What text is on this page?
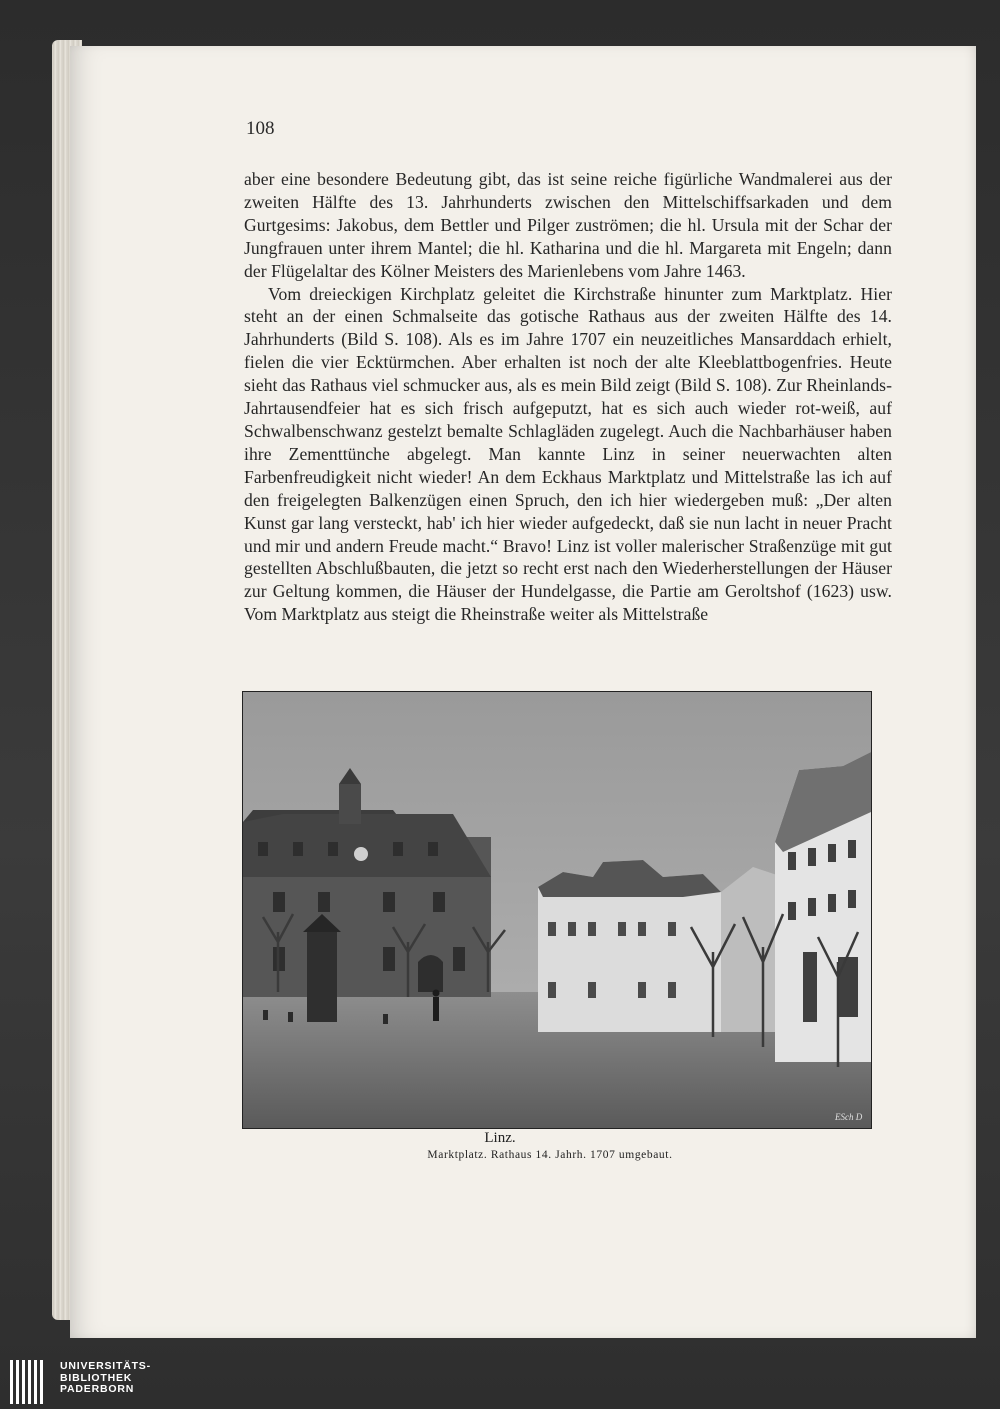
108

aber eine besondere Bedeutung gibt, das ist seine reiche figürliche Wandmalerei aus der zweiten Hälfte des 13. Jahrhunderts zwischen den Mittelschiffsarkaden und dem Gurtgesims: Jakobus, dem Bettler und Pilger zuströmen; die hl. Ursula mit der Schar der Jungfrauen unter ihrem Mantel; die hl. Katharina und die hl. Margareta mit Engeln; dann der Flügelaltar des Kölner Meisters des Marienlebens vom Jahre 1463.

Vom dreieckigen Kirchplatz geleitet die Kirchstraße hinunter zum Marktplatz. Hier steht an der einen Schmalseite das gotische Rathaus aus der zweiten Hälfte des 14. Jahrhunderts (Bild S. 108). Als es im Jahre 1707 ein neuzeitliches Mansarddach erhielt, fielen die vier Ecktürmchen. Aber erhalten ist noch der alte Kleeblattbogenfries. Heute sieht das Rathaus viel schmucker aus, als es mein Bild zeigt (Bild S. 108). Zur Rheinlands-Jahrtausendfeier hat es sich frisch aufgeputzt, hat es sich auch wieder rot-weiß, auf Schwalbenschwanz gestelzt bemalte Schlagläden zugelegt. Auch die Nachbarhäuser haben ihre Zementtünche abgelegt. Man kannte Linz in seiner neuerwachten alten Farbenfreudigkeit nicht wieder! An dem Eckhaus Marktplatz und Mittelstraße las ich auf den freigelegten Balkenzügen einen Spruch, den ich hier wiedergeben muß: „Der alten Kunst gar lang versteckt, hab' ich hier wieder aufgedeckt, daß sie nun lacht in neuer Pracht und mir und andern Freude macht.“ Bravo! Linz ist voller malerischer Straßenzüge mit gut gestellten Abschlußbauten, die jetzt so recht erst nach den Wiederherstellungen der Häuser zur Geltung kommen, die Häuser der Hundelgasse, die Partie am Geroltshof (1623) usw. Vom Marktplatz aus steigt die Rheinstraße weiter als Mittelstraße

ESch D
Linz.
Marktplatz. Rathaus 14. Jahrh. 1707 umgebaut.
UNIVERSITÄTS-
BIBLIOTHEK
PADERBORN
